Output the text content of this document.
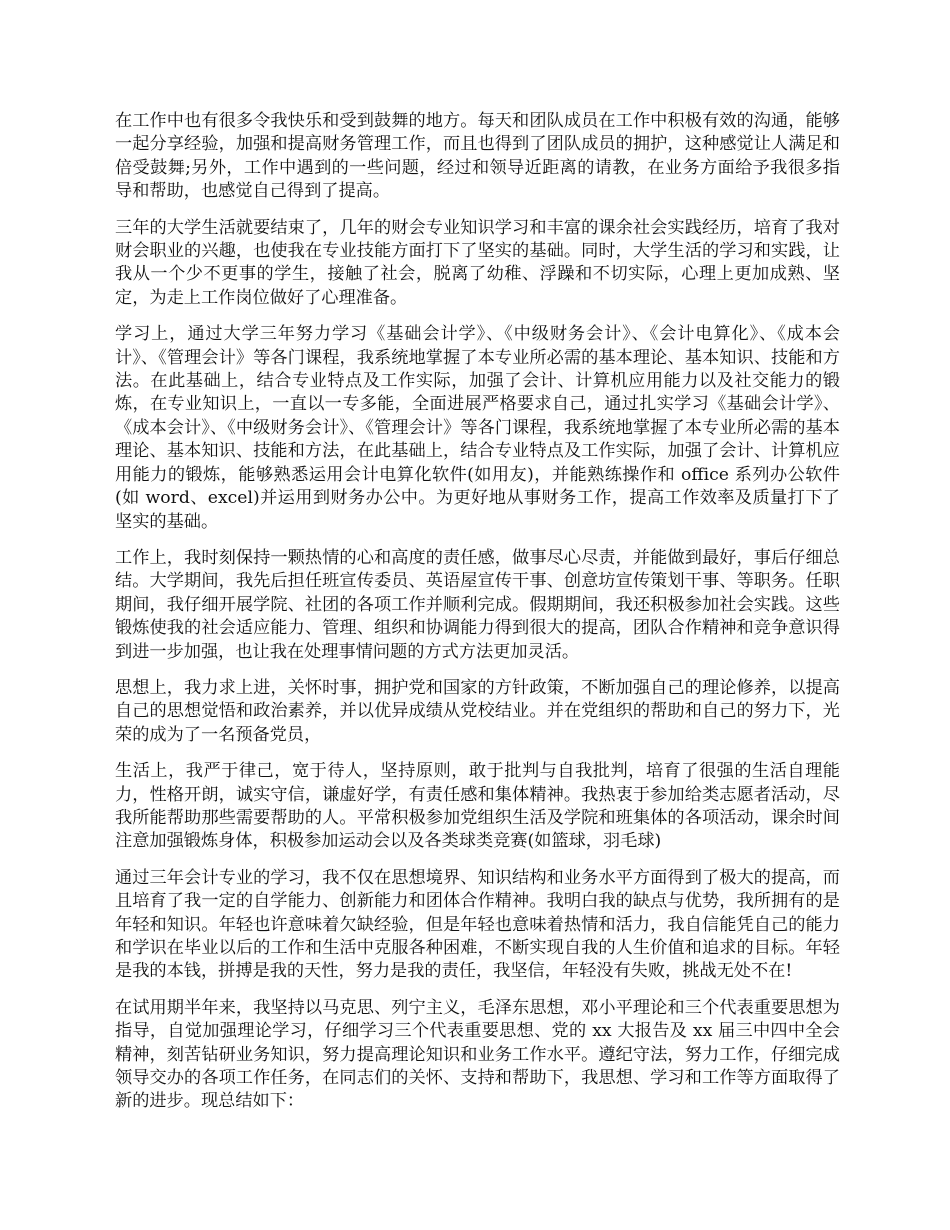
在工作中也有很多令我快乐和受到鼓舞的地方。每天和团队成员在工作中积极有效的沟通，能够一起分享经验，加强和提高财务管理工作，而且也得到了团队成员的拥护，这种感觉让人满足和倍受鼓舞;另外，工作中遇到的一些问题，经过和领导近距离的请教，在业务方面给予我很多指导和帮助，也感觉自己得到了提高。

三年的大学生活就要结束了，几年的财会专业知识学习和丰富的课余社会实践经历，培育了我对财会职业的兴趣，也使我在专业技能方面打下了坚实的基础。同时，大学生活的学习和实践，让我从一个少不更事的学生，接触了社会，脱离了幼稚、浮躁和不切实际，心理上更加成熟、坚定，为走上工作岗位做好了心理准备。

学习上，通过大学三年努力学习《基础会计学》、《中级财务会计》、《会计电算化》、《成本会计》、《管理会计》等各门课程，我系统地掌握了本专业所必需的基本理论、基本知识、技能和方法。在此基础上，结合专业特点及工作实际，加强了会计、计算机应用能力以及社交能力的锻炼，在专业知识上，一直以一专多能，全面进展严格要求自己，通过扎实学习《基础会计学》、《成本会计》、《中级财务会计》、《管理会计》等各门课程，我系统地掌握了本专业所必需的基本理论、基本知识、技能和方法，在此基础上，结合专业特点及工作实际，加强了会计、计算机应用能力的锻炼，能够熟悉运用会计电算化软件(如用友)，并能熟练操作和 office 系列办公软件(如 word、excel)并运用到财务办公中。为更好地从事财务工作，提高工作效率及质量打下了坚实的基础。

工作上，我时刻保持一颗热情的心和高度的责任感，做事尽心尽责，并能做到最好，事后仔细总结。大学期间，我先后担任班宣传委员、英语屋宣传干事、创意坊宣传策划干事、等职务。任职期间，我仔细开展学院、社团的各项工作并顺利完成。假期期间，我还积极参加社会实践。这些锻炼使我的社会适应能力、管理、组织和协调能力得到很大的提高，团队合作精神和竞争意识得到进一步加强，也让我在处理事情问题的方式方法更加灵活。

思想上，我力求上进，关怀时事，拥护党和国家的方针政策，不断加强自己的理论修养，以提高自己的思想觉悟和政治素养，并以优异成绩从党校结业。并在党组织的帮助和自己的努力下，光荣的成为了一名预备党员，

生活上，我严于律己，宽于待人，坚持原则，敢于批判与自我批判，培育了很强的生活自理能力，性格开朗，诚实守信，谦虚好学，有责任感和集体精神。我热衷于参加给类志愿者活动，尽我所能帮助那些需要帮助的人。平常积极参加党组织生活及学院和班集体的各项活动，课余时间注意加强锻炼身体，积极参加运动会以及各类球类竞赛(如篮球，羽毛球)

通过三年会计专业的学习，我不仅在思想境界、知识结构和业务水平方面得到了极大的提高，而且培育了我一定的自学能力、创新能力和团体合作精神。我明白我的缺点与优势，我所拥有的是年轻和知识。年轻也许意味着欠缺经验，但是年轻也意味着热情和活力，我自信能凭自己的能力和学识在毕业以后的工作和生活中克服各种困难，不断实现自我的人生价值和追求的目标。年轻是我的本钱，拼搏是我的天性，努力是我的责任，我坚信，年轻没有失败，挑战无处不在!

在试用期半年来，我坚持以马克思、列宁主义，毛泽东思想，邓小平理论和三个代表重要思想为指导，自觉加强理论学习，仔细学习三个代表重要思想、党的 xx 大报告及 xx 届三中四中全会精神，刻苦钻研业务知识，努力提高理论知识和业务工作水平。遵纪守法，努力工作，仔细完成领导交办的各项工作任务，在同志们的关怀、支持和帮助下，我思想、学习和工作等方面取得了新的进步。现总结如下：
